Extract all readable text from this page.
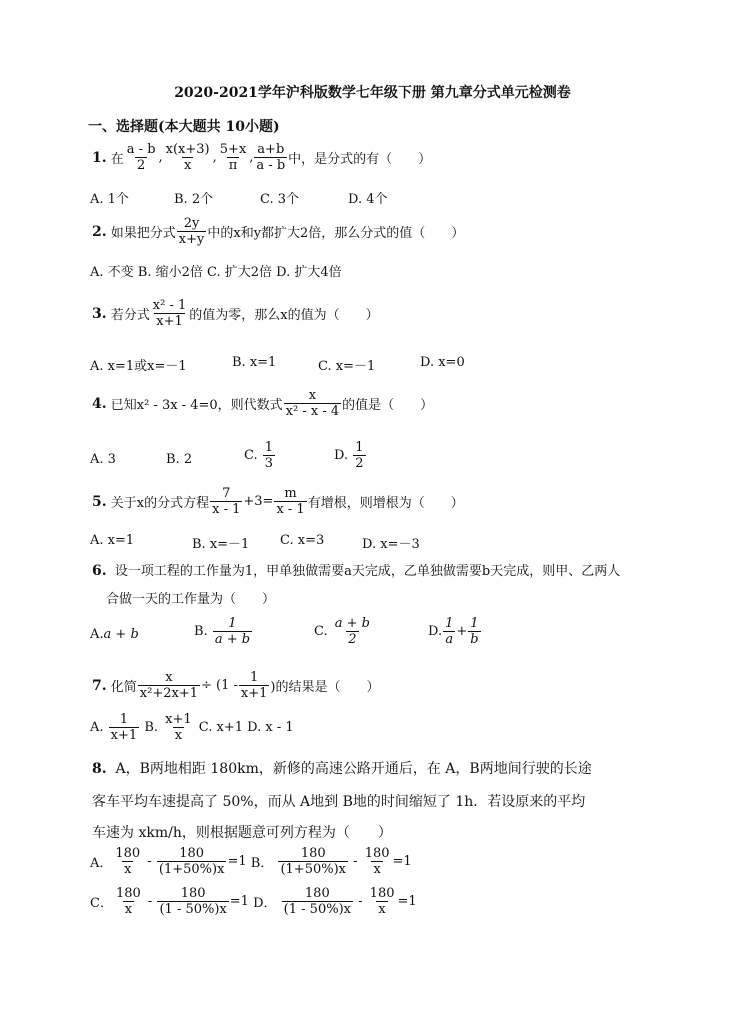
2020-2021学年沪科版数学七年级下册 第九章分式单元检测卷
一、选择题(本大题共 10小题)
1.
在
a - b
2
,
x(x+3)
x
,
5+x
π
,
a+b
a - b 中，是分式的有（　　）
A. 1个	B. 2个	C. 3个	D. 4个
2.
如果把分式
2y
x+y 中的x和y都扩大2倍，那么分式的值（　　）
A. 不变 B. 缩小2倍 C. 扩大2倍 D. 扩大4倍
3.
若分式
x² - 1
x+1 的值为零，那么x的值为（　　）
A. x=1或x=－1	B. x=1	C. x=－1	D. x=0
4.
已知x² - 3x - 4=0，则代数式
x
x² - x - 4 的值是（　　）
A. 3	B. 2	C.

1
3
D.

1
2
5.
关于x的分式方程
7
x - 1
$+3= \frac{m}{x - 1}$ 有增根，则增根为（　　）
A. x=1	B. x=－1 C. x=3	D. x=－3
6. 设一项工程的工作量为1，甲单独做需要a天完成，乙单独做需要b天完成，则甲、乙两人
合做一天的工作量为（　　）
A. a + b	B.

1
a + b
C.

a + b
2
D.
1
a
+ $\frac{1}{b}$
7.
化简 $\frac{x}{\text{x²+2x+1}} \div (1$ -
1
x+1 )的结果是（　　）
A.

1
x+1

B.

x+1
x

C. x+1 D. x - 1
8. A，B两地相距 180km，新修的高速公路开通后，在 A，B两地间行驶的长途
客车平均车速提高了 50%，而从 A地到 B地的时间缩短了 1h．若设原来的平均
车速为 xkm/h，则根据题意可列方程为（　　）
A．
180
x

-
$\frac{180}{(1+50\%)x} =1$
B．

180
(1+50%)x

-
$\frac{180}{x} =1$
C．
180
x

-
$\frac{180}{(1 - 50\%)x} =1$
D．

180
(1 - 50%)x

-
$\frac{180}{x} =1$
